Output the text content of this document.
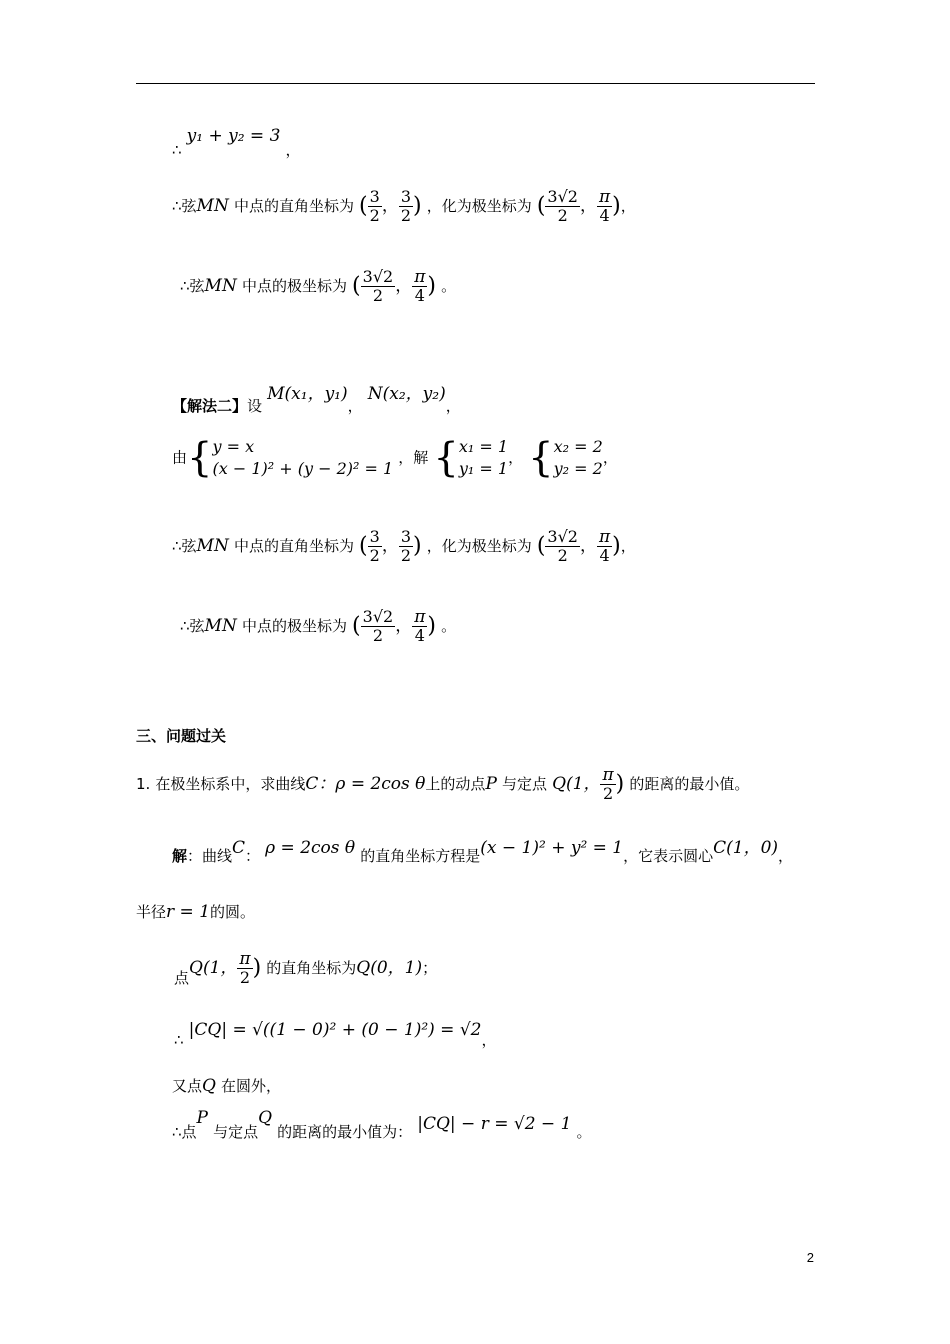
∴ y₁ + y₂ = 3 ，
∴弦MN 中点的直角坐标为 ( $\frac{3}{2}$ ， $\frac{3}{2}$ ) ，化为极坐标为 ( $\frac{3√2}{2}$ ， $\frac{\pi}{4}$ )，
∴弦MN 中点的极坐标为 ( $\frac{3√2}{2}$ ， $\frac{\pi}{4}$ ) 。
【解法二】设 M(x₁，y₁)， N(x₂，y₂)，
由{ y = x
(x − 1)² + (y − 2)² = 1
，解 { x₁ = 1
y₁ = 1
， { x₂ = 2
y₂ = 2
，
∴弦MN 中点的直角坐标为 ( $\frac{3}{2}$ ， $\frac{3}{2}$ ) ，化为极坐标为 ( $\frac{3√2}{2}$ ， $\frac{\pi}{4}$ )，
∴弦MN 中点的极坐标为 ( $\frac{3√2}{2}$ ， $\frac{\pi}{4}$ ) 。
三、问题过关
1. 在极坐标系中，求曲线C：ρ = 2cos θ上的动点P 与定点 Q(1， $\frac{\pi}{2}$ ) 的距离的最小值。
解：曲线C： ρ = 2cos θ 的直角坐标方程是(x − 1)² + y² = 1，它表示圆心C(1，0)，
半径r = 1的圆。
点Q(1， $\frac{\pi}{2}$ ) 的直角坐标为Q(0，1)；
∴ |CQ| = √((1 − 0)² + (0 − 1)²) = √2，
又点Q 在圆外，
∴点P 与定点Q 的距离的最小值为： |CQ| − r = √2 − 1 。
2
